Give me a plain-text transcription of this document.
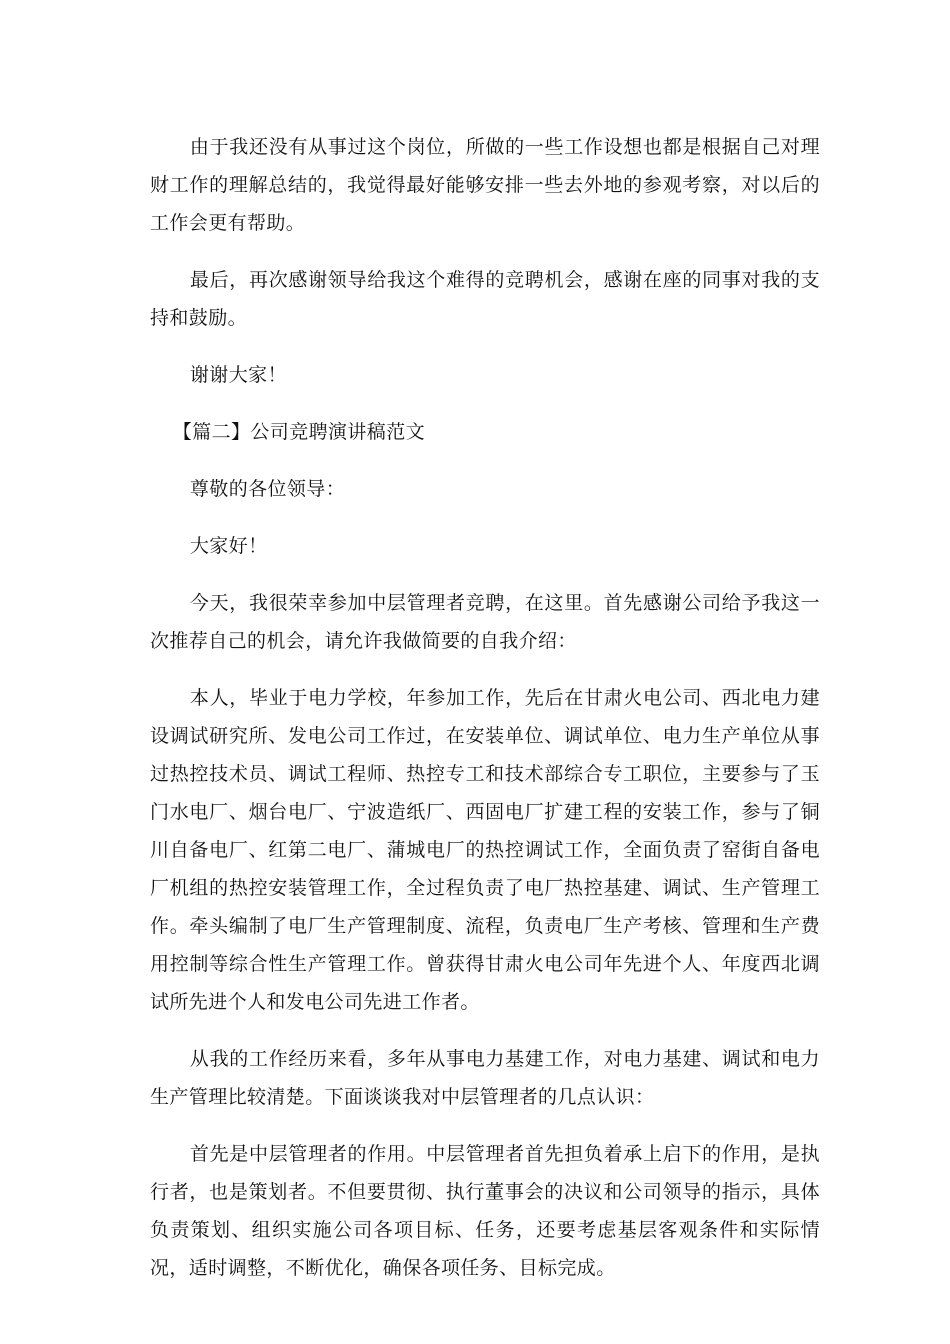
由于我还没有从事过这个岗位，所做的一些工作设想也都是根据自己对理财工作的理解总结的，我觉得最好能够安排一些去外地的参观考察，对以后的工作会更有帮助。

最后，再次感谢领导给我这个难得的竞聘机会，感谢在座的同事对我的支持和鼓励。

谢谢大家！

【篇二】公司竞聘演讲稿范文

尊敬的各位领导：

大家好！

今天，我很荣幸参加中层管理者竞聘，在这里。首先感谢公司给予我这一次推荐自己的机会，请允许我做简要的自我介绍：

本人，毕业于电力学校，年参加工作，先后在甘肃火电公司、西北电力建设调试研究所、发电公司工作过，在安装单位、调试单位、电力生产单位从事过热控技术员、调试工程师、热控专工和技术部综合专工职位，主要参与了玉门水电厂、烟台电厂、宁波造纸厂、西固电厂扩建工程的安装工作，参与了铜川自备电厂、红第二电厂、蒲城电厂的热控调试工作，全面负责了窑街自备电厂机组的热控安装管理工作，全过程负责了电厂热控基建、调试、生产管理工作。牵头编制了电厂生产管理制度、流程，负责电厂生产考核、管理和生产费用控制等综合性生产管理工作。曾获得甘肃火电公司年先进个人、年度西北调试所先进个人和发电公司先进工作者。

从我的工作经历来看，多年从事电力基建工作，对电力基建、调试和电力生产管理比较清楚。下面谈谈我对中层管理者的几点认识：

首先是中层管理者的作用。中层管理者首先担负着承上启下的作用，是执行者，也是策划者。不但要贯彻、执行董事会的决议和公司领导的指示，具体负责策划、组织实施公司各项目标、任务，还要考虑基层客观条件和实际情况，适时调整，不断优化，确保各项任务、目标完成。
